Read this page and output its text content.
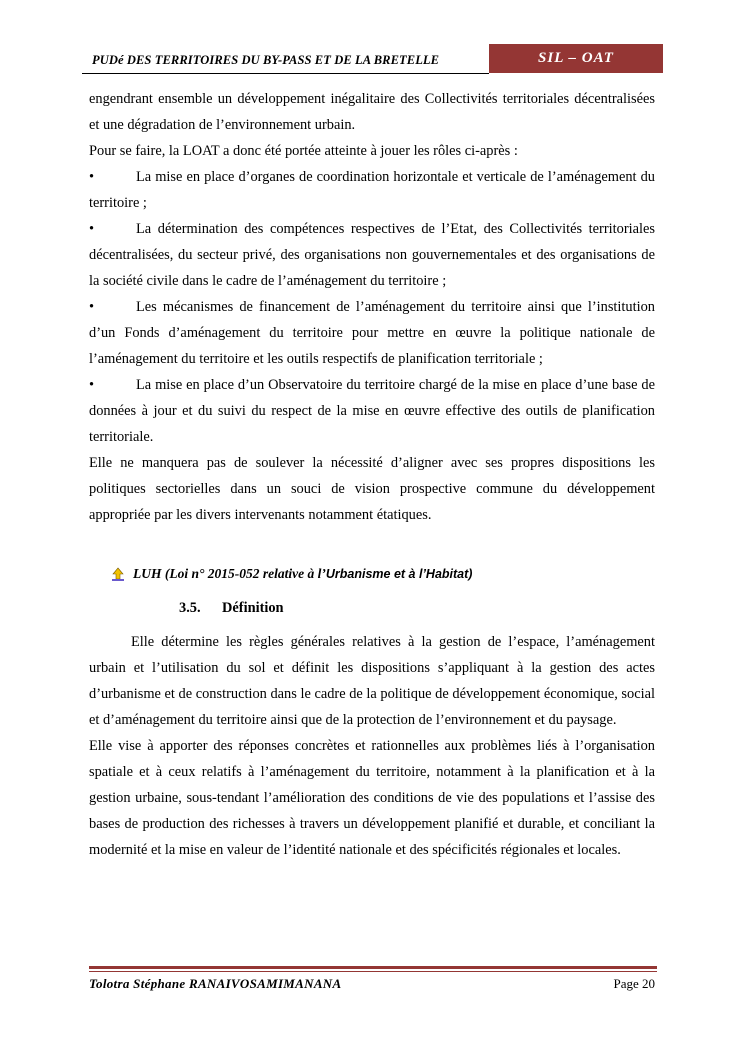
PUDé DES TERRITOIRES DU BY-PASS ET DE LA BRETELLE	SIL – OAT

engendrant ensemble un développement inégalitaire des Collectivités territoriales décentralisées et une dégradation de l’environnement urbain.

Pour se faire, la LOAT a donc été portée atteinte à jouer les rôles ci-après :

•	La mise en place d’organes de coordination horizontale et verticale de l’aménagement du territoire ;

•	La détermination des compétences respectives de l’Etat, des Collectivités territoriales décentralisées, du secteur privé, des organisations non gouvernementales et des organisations de la société civile dans le cadre de l’aménagement du territoire ;

•	Les mécanismes de financement de l’aménagement du territoire ainsi que l’institution d’un Fonds d’aménagement du territoire pour mettre en œuvre la politique nationale de l’aménagement du territoire et les outils respectifs de planification territoriale ;

•	La mise en place d’un Observatoire du territoire chargé de la mise en place d’une base de données à jour et du suivi du respect de la mise en œuvre effective des outils de planification territoriale.

Elle ne manquera pas de soulever la nécessité d’aligner avec ses propres dispositions les politiques sectorielles dans un souci de vision prospective commune du développement appropriée par les divers intervenants notamment étatiques.

LUH (Loi n° 2015-052 relative à l’Urbanisme et à l’Habitat)
3.5. Définition

Elle détermine les règles générales relatives à la gestion de l’espace, l’aménagement urbain et l’utilisation du sol et définit les dispositions s’appliquant à la gestion des actes d’urbanisme et de construction dans le cadre de la politique de développement économique, social et d’aménagement du territoire ainsi que de la protection de l’environnement et du paysage.

Elle vise à apporter des réponses concrètes et rationnelles aux problèmes liés à l’organisation spatiale et à ceux relatifs à l’aménagement du territoire, notamment à la planification et à la gestion urbaine, sous-tendant l’amélioration des conditions de vie des populations et l’assise des bases de production des richesses à travers un développement planifié et durable, et conciliant la modernité et la mise en valeur de l’identité nationale et des spécificités régionales et locales.

Tolotra Stéphane RANAIVOSAMIMANANA	Page 20
